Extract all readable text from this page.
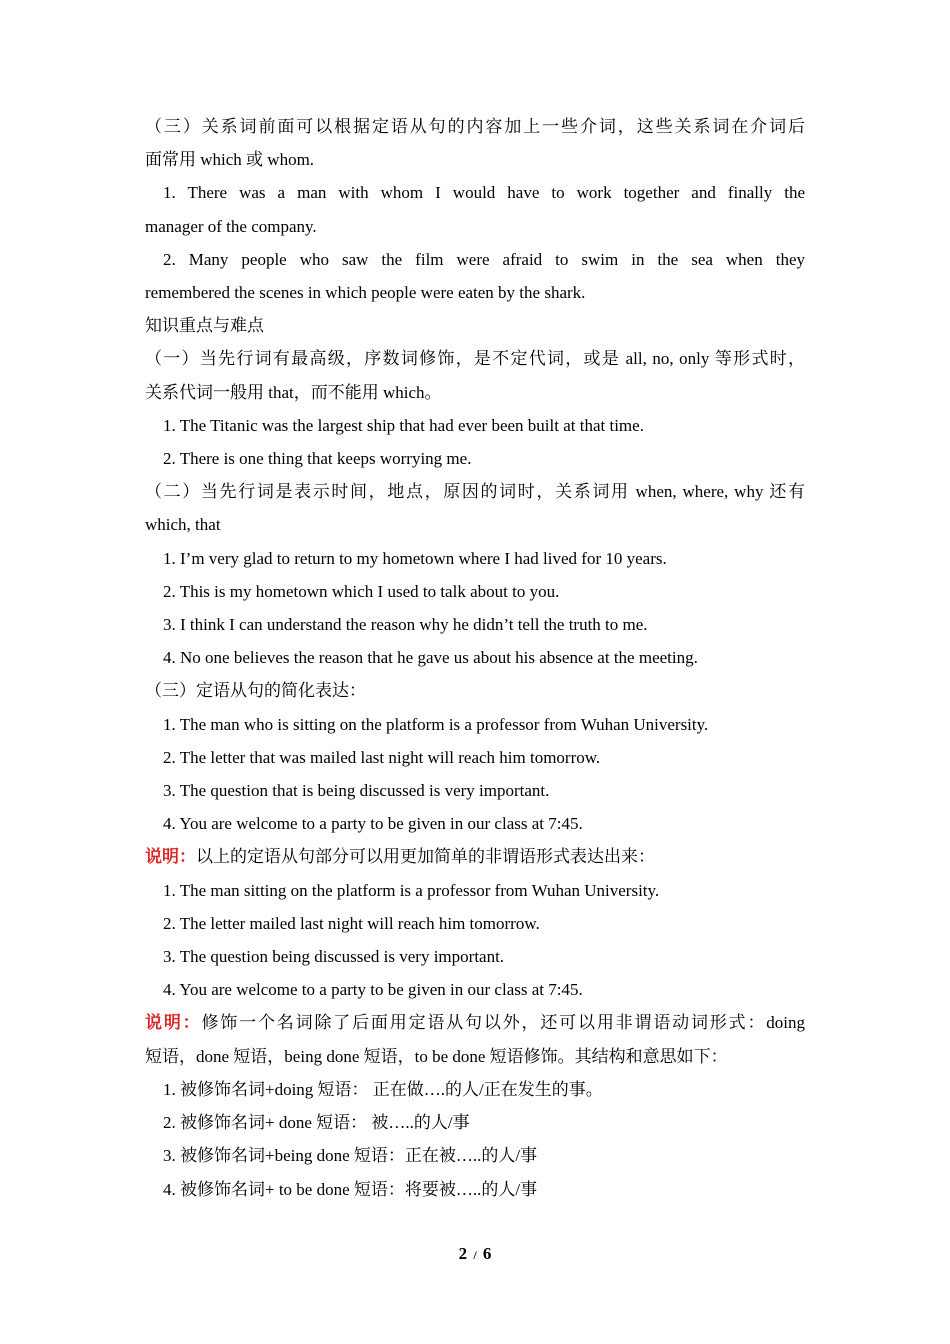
（三）关系词前面可以根据定语从句的内容加上一些介词，这些关系词在介词后
面常用 which 或 whom.
1. There was a man with whom I would have to work together and finally the
manager of the company.
2. Many people who saw the film were afraid to swim in the sea when they
remembered the scenes in which people were eaten by the shark.
知识重点与难点
（一）当先行词有最高级，序数词修饰，是不定代词，或是 all, no, only 等形式时，
关系代词一般用 that，而不能用 which。
1. The Titanic was the largest ship that had ever been built at that time.
2. There is one thing that keeps worrying me.
（二）当先行词是表示时间，地点，原因的词时，关系词用 when, where, why 还有
which, that
1. I’m very glad to return to my hometown where I had lived for 10 years.
2. This is my hometown which I used to talk about to you.
3. I think I can understand the reason why he didn’t tell the truth to me.
4. No one believes the reason that he gave us about his absence at the meeting.
（三）定语从句的简化表达：
1. The man who is sitting on the platform is a professor from Wuhan University.
2. The letter that was mailed last night will reach him tomorrow.
3. The question that is being discussed is very important.
4. You are welcome to a party to be given in our class at 7:45.
说明：以上的定语从句部分可以用更加简单的非谓语形式表达出来：
1. The man sitting on the platform is a professor from Wuhan University.
2. The letter mailed last night will reach him tomorrow.
3. The question being discussed is very important.
4. You are welcome to a party to be given in our class at 7:45.
说明：修饰一个名词除了后面用定语从句以外，还可以用非谓语动词形式：doing
短语，done 短语，being done 短语，to be done 短语修饰。其结构和意思如下：
1. 被修饰名词+doing 短语： 正在做….的人/正在发生的事。
2. 被修饰名词+ done 短语： 被…..的人/事
3. 被修饰名词+being done 短语：正在被…..的人/事
4. 被修饰名词+ to be done 短语：将要被…..的人/事
2 / 6
